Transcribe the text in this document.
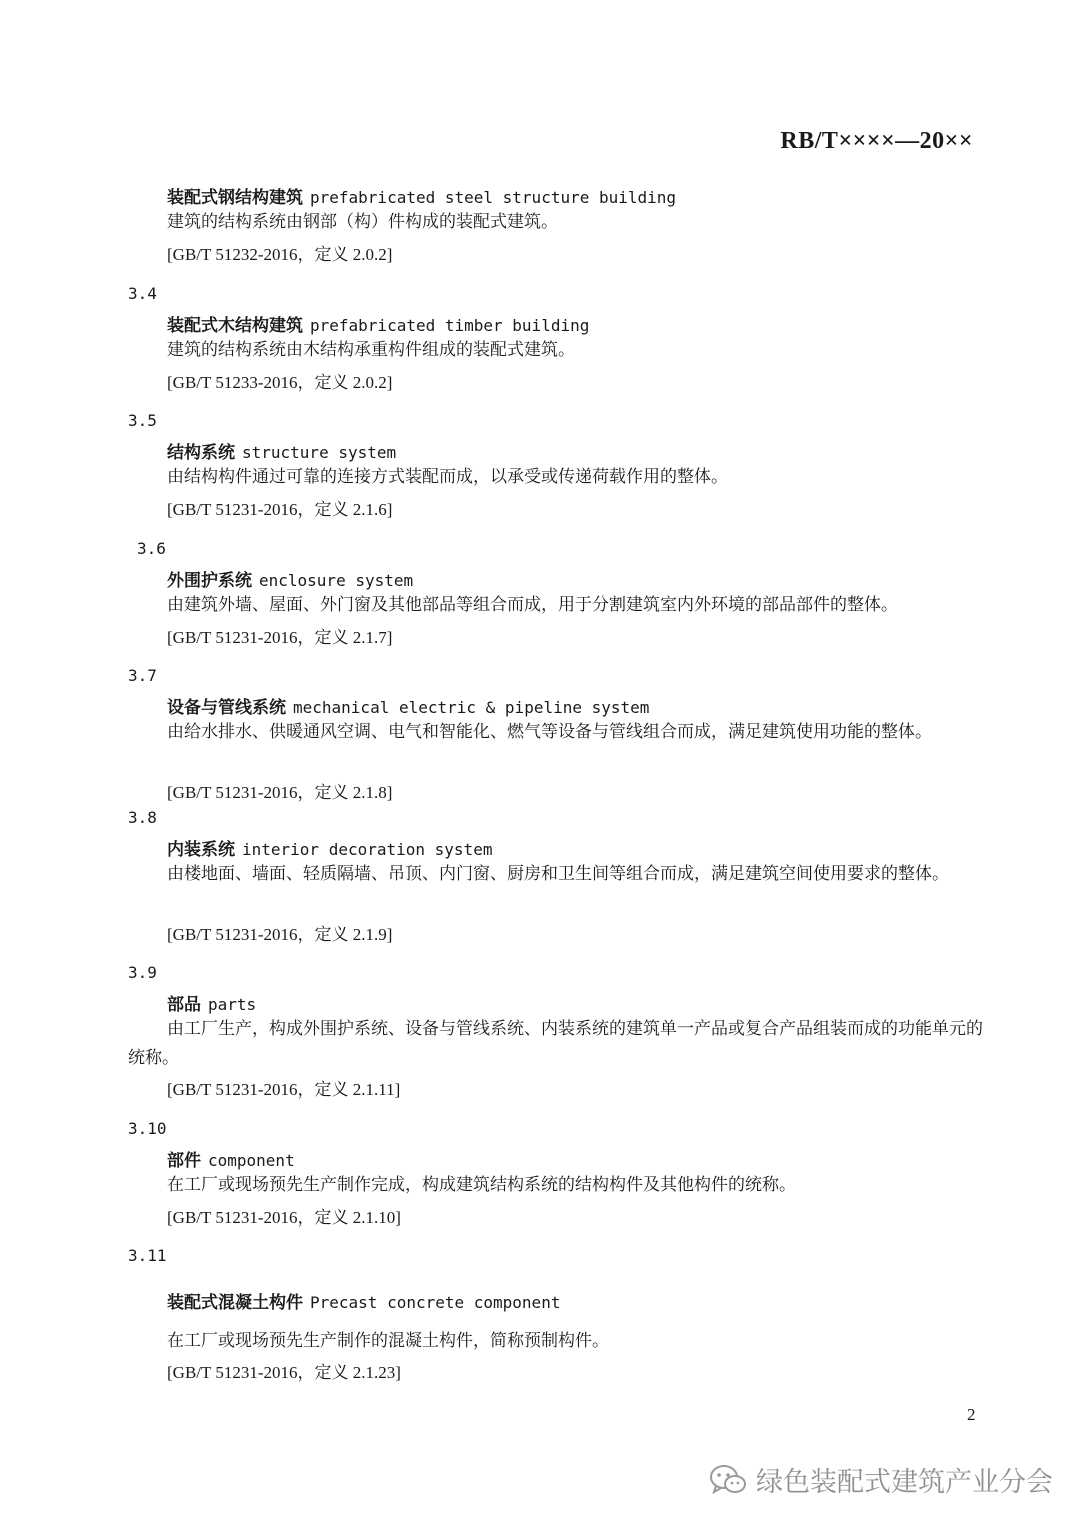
RB/T××××—20××
装配式钢结构建筑 prefabricated steel structure building
建筑的结构系统由钢部（构）件构成的装配式建筑。
[GB/T 51232-2016，定义 2.0.2]
3.4
装配式木结构建筑 prefabricated timber building
建筑的结构系统由木结构承重构件组成的装配式建筑。
[GB/T 51233-2016，定义 2.0.2]
3.5
结构系统 structure system
由结构构件通过可靠的连接方式装配而成，以承受或传递荷载作用的整体。
[GB/T 51231-2016，定义 2.1.6]
3.6
外围护系统 enclosure system
由建筑外墙、屋面、外门窗及其他部品等组合而成，用于分割建筑室内外环境的部品部件的整体。
[GB/T 51231-2016，定义 2.1.7]
3.7
设备与管线系统 mechanical electric & pipeline system
由给水排水、供暖通风空调、电气和智能化、燃气等设备与管线组合而成，满足建筑使用功能的整体。
[GB/T 51231-2016，定义 2.1.8]
3.8
内装系统 interior decoration system
由楼地面、墙面、轻质隔墙、吊顶、内门窗、厨房和卫生间等组合而成，满足建筑空间使用要求的整体。
[GB/T 51231-2016，定义 2.1.9]
3.9
部品 parts
由工厂生产，构成外围护系统、设备与管线系统、内装系统的建筑单一产品或复合产品组装而成的功能单元的统称。
[GB/T 51231-2016，定义 2.1.11]
3.10
部件 component
在工厂或现场预先生产制作完成，构成建筑结构系统的结构构件及其他构件的统称。
[GB/T 51231-2016，定义 2.1.10]
3.11
装配式混凝土构件 Precast concrete component
在工厂或现场预先生产制作的混凝土构件，简称预制构件。
[GB/T 51231-2016，定义 2.1.23]
2
绿色装配式建筑产业分会
